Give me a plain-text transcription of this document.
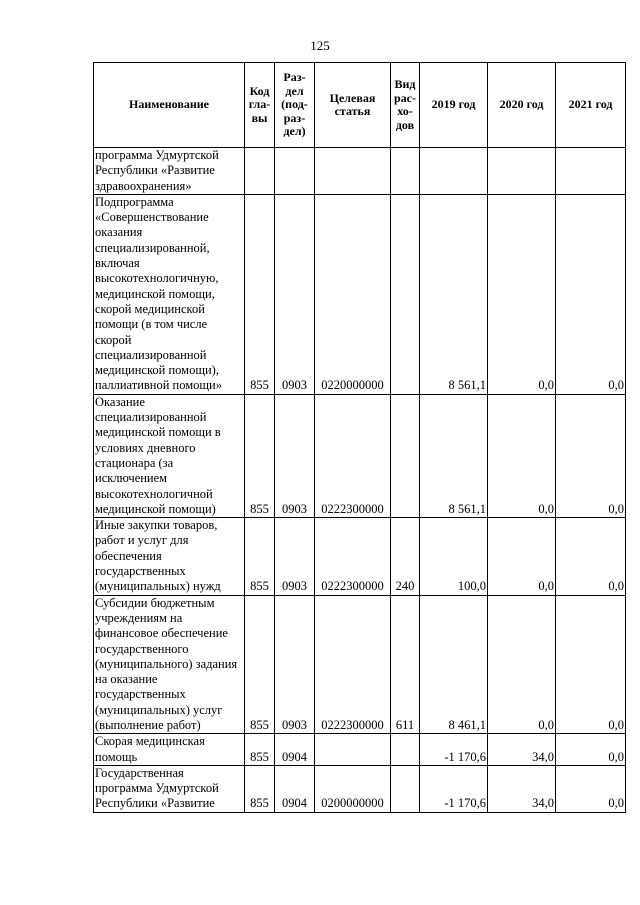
125
Наименование	Код гла-вы	Раз-дел (под-раз-дел)	Целевая статья	Вид рас-хо-дов	2019 год	2020 год	2021 год
программа Удмуртской Республики «Развитие здравоохранения»							
Подпрограмма «Совершенствование оказания специализированной, включая высокотехнологичную, медицинской помощи, скорой медицинской помощи (в том числе скорой специализированной медицинской помощи), паллиативной помощи»	855	0903	0220000000		8 561,1	0,0	0,0
Оказание специализированной медицинской помощи в условиях дневного стационара (за исключением высокотехнологичной медицинской помощи)	855	0903	0222300000		8 561,1	0,0	0,0
Иные закупки товаров, работ и услуг для обеспечения государственных (муниципальных) нужд	855	0903	0222300000	240	100,0	0,0	0,0
Субсидии бюджетным учреждениям на финансовое обеспечение государственного (муниципального) задания на оказание государственных (муниципальных) услуг (выполнение работ)	855	0903	0222300000	611	8 461,1	0,0	0,0
Скорая медицинская помощь	855	0904			-1 170,6	34,0	0,0
Государственная программа Удмуртской Республики «Развитие	855	0904	0200000000		-1 170,6	34,0	0,0
